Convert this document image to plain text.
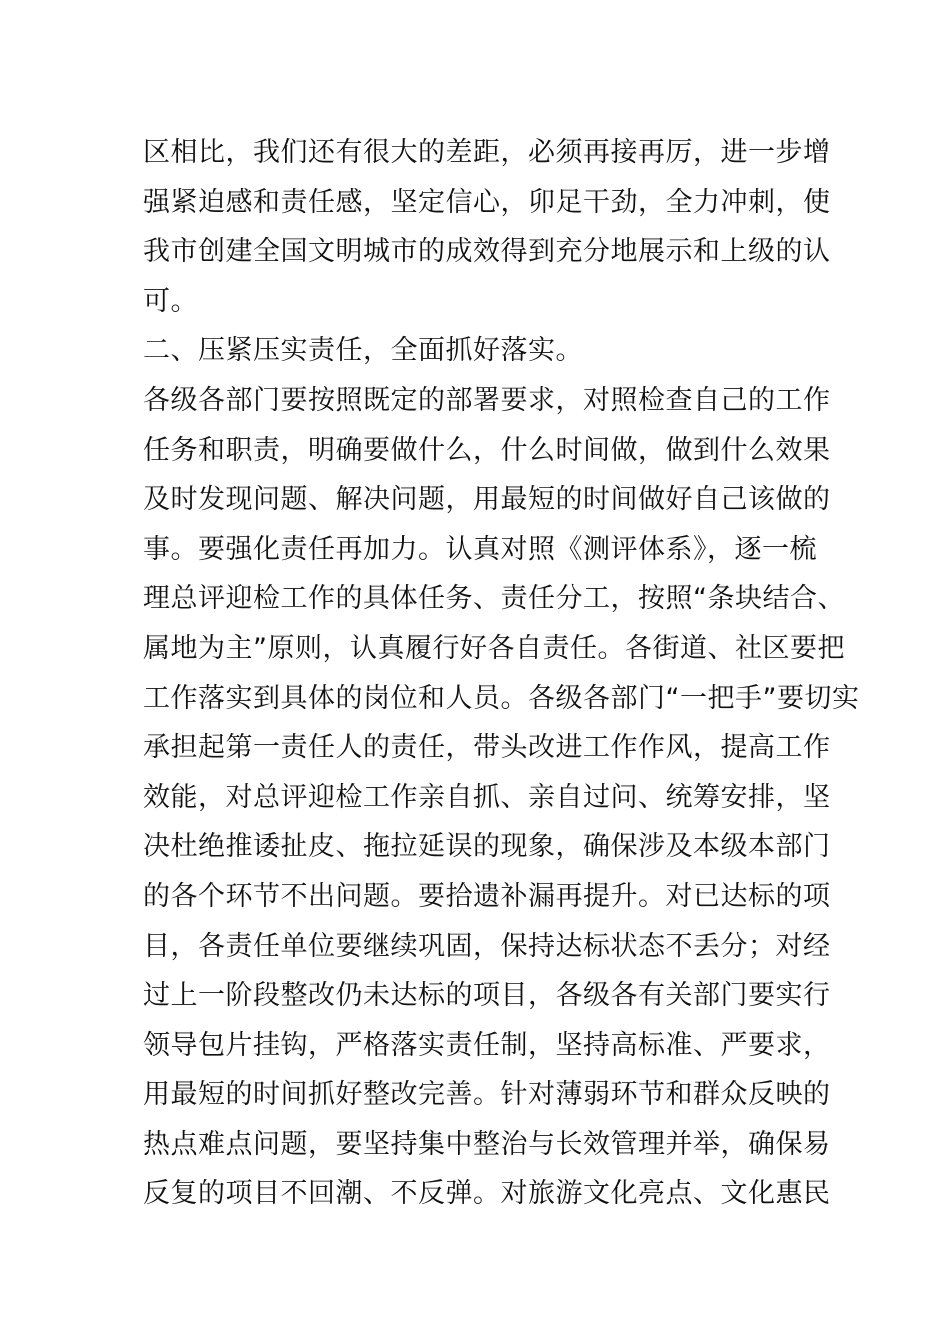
区相比，我们还有很大的差距，必须再接再厉，进一步增
强紧迫感和责任感，坚定信心，卯足干劲，全力冲刺，使
我市创建全国文明城市的成效得到充分地展示和上级的认
可。
二、压紧压实责任，全面抓好落实。
各级各部门要按照既定的部署要求，对照检查自己的工作
任务和职责，明确要做什么，什么时间做，做到什么效果
及时发现问题、解决问题，用最短的时间做好自己该做的
事。要强化责任再加力。认真对照《测评体系》，逐一梳
理总评迎检工作的具体任务、责任分工，按照“条块结合、
属地为主”原则，认真履行好各自责任。各街道、社区要把
工作落实到具体的岗位和人员。各级各部门“一把手”要切实
承担起第一责任人的责任，带头改进工作作风，提高工作
效能，对总评迎检工作亲自抓、亲自过问、统筹安排，坚
决杜绝推诿扯皮、拖拉延误的现象，确保涉及本级本部门
的各个环节不出问题。要拾遗补漏再提升。对已达标的项
目，各责任单位要继续巩固，保持达标状态不丢分；对经
过上一阶段整改仍未达标的项目，各级各有关部门要实行
领导包片挂钩，严格落实责任制，坚持高标准、严要求，
用最短的时间抓好整改完善。针对薄弱环节和群众反映的
热点难点问题，要坚持集中整治与长效管理并举，确保易
反复的项目不回潮、不反弹。对旅游文化亮点、文化惠民
